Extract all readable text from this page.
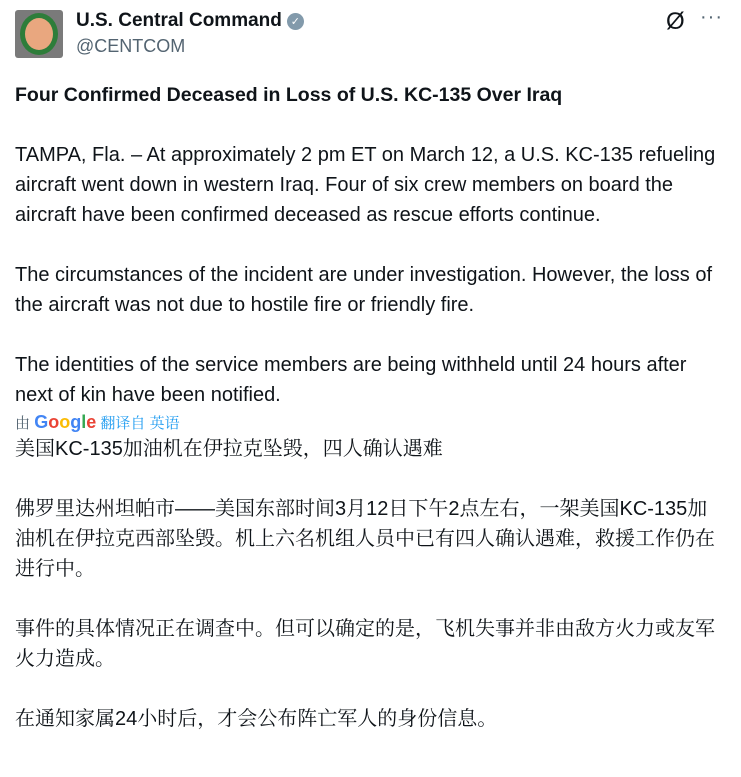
U.S. Central Command ✓
@CENTCOM
Ø ···
Four Confirmed Deceased in Loss of U.S. KC-135 Over Iraq

TAMPA, Fla. – At approximately 2 pm ET on March 12, a U.S. KC-135 refueling aircraft went down in western Iraq. Four of six crew members on board the aircraft have been confirmed deceased as rescue efforts continue.

The circumstances of the incident are under investigation. However, the loss of the aircraft was not due to hostile fire or friendly fire.

The identities of the service members are being withheld until 24 hours after next of kin have been notified.

由 Google 翻译自 英语
美国KC-135加油机在伊拉克坠毁，四人确认遇难
佛罗里达州坦帕市——美国东部时间3月12日下午2点左右，一架美国KC-135加油机在伊拉克西部坠毁。机上六名机组人员中已有四人确认遇难，救援工作仍在进行中。
事件的具体情况正在调查中。但可以确定的是，飞机失事并非由敌方火力或友军火力造成。
在通知家属24小时后，才会公布阵亡军人的身份信息。
